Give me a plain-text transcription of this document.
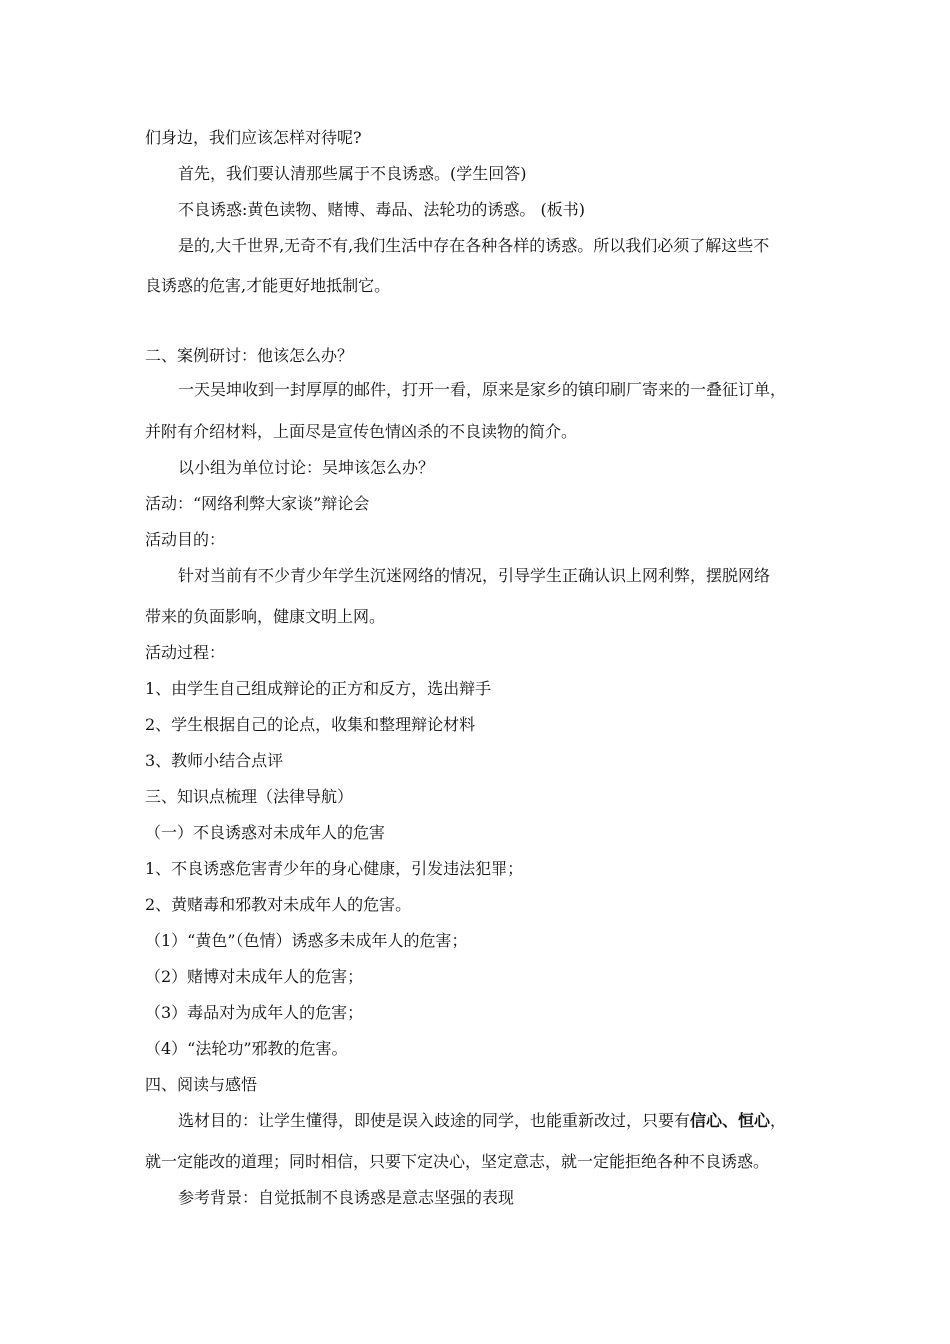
们身边，我们应该怎样对待呢?
首先，我们要认清那些属于不良诱惑。(学生回答)
不良诱惑:黄色读物、赌博、毒品、法轮功的诱惑。 (板书)
是的,大千世界,无奇不有,我们生活中存在各种各样的诱惑。所以我们必须了解这些不
良诱惑的危害,才能更好地抵制它。
二、案例研讨：他该怎么办？
一天吴坤收到一封厚厚的邮件，打开一看，原来是家乡的镇印刷厂寄来的一叠征订单，
并附有介绍材料，上面尽是宣传色情凶杀的不良读物的简介。
以小组为单位讨论：吴坤该怎么办？
活动：“网络利弊大家谈”辩论会
活动目的：
针对当前有不少青少年学生沉迷网络的情况，引导学生正确认识上网利弊，摆脱网络
带来的负面影响，健康文明上网。
活动过程：
1、由学生自己组成辩论的正方和反方，选出辩手
2、学生根据自己的论点，收集和整理辩论材料
3、教师小结合点评
三、知识点梳理（法律导航）
（一）不良诱惑对未成年人的危害
1、不良诱惑危害青少年的身心健康，引发违法犯罪；
2、黄赌毒和邪教对未成年人的危害。
（1）“黄色”（色情）诱惑多未成年人的危害；
（2）赌博对未成年人的危害；
（3）毒品对为成年人的危害；
（4）“法轮功”邪教的危害。
四、阅读与感悟
选材目的：让学生懂得，即使是误入歧途的同学，也能重新改过，只要有信心、恒心，
就一定能改的道理；同时相信，只要下定决心，坚定意志，就一定能拒绝各种不良诱惑。
参考背景：自觉抵制不良诱惑是意志坚强的表现
